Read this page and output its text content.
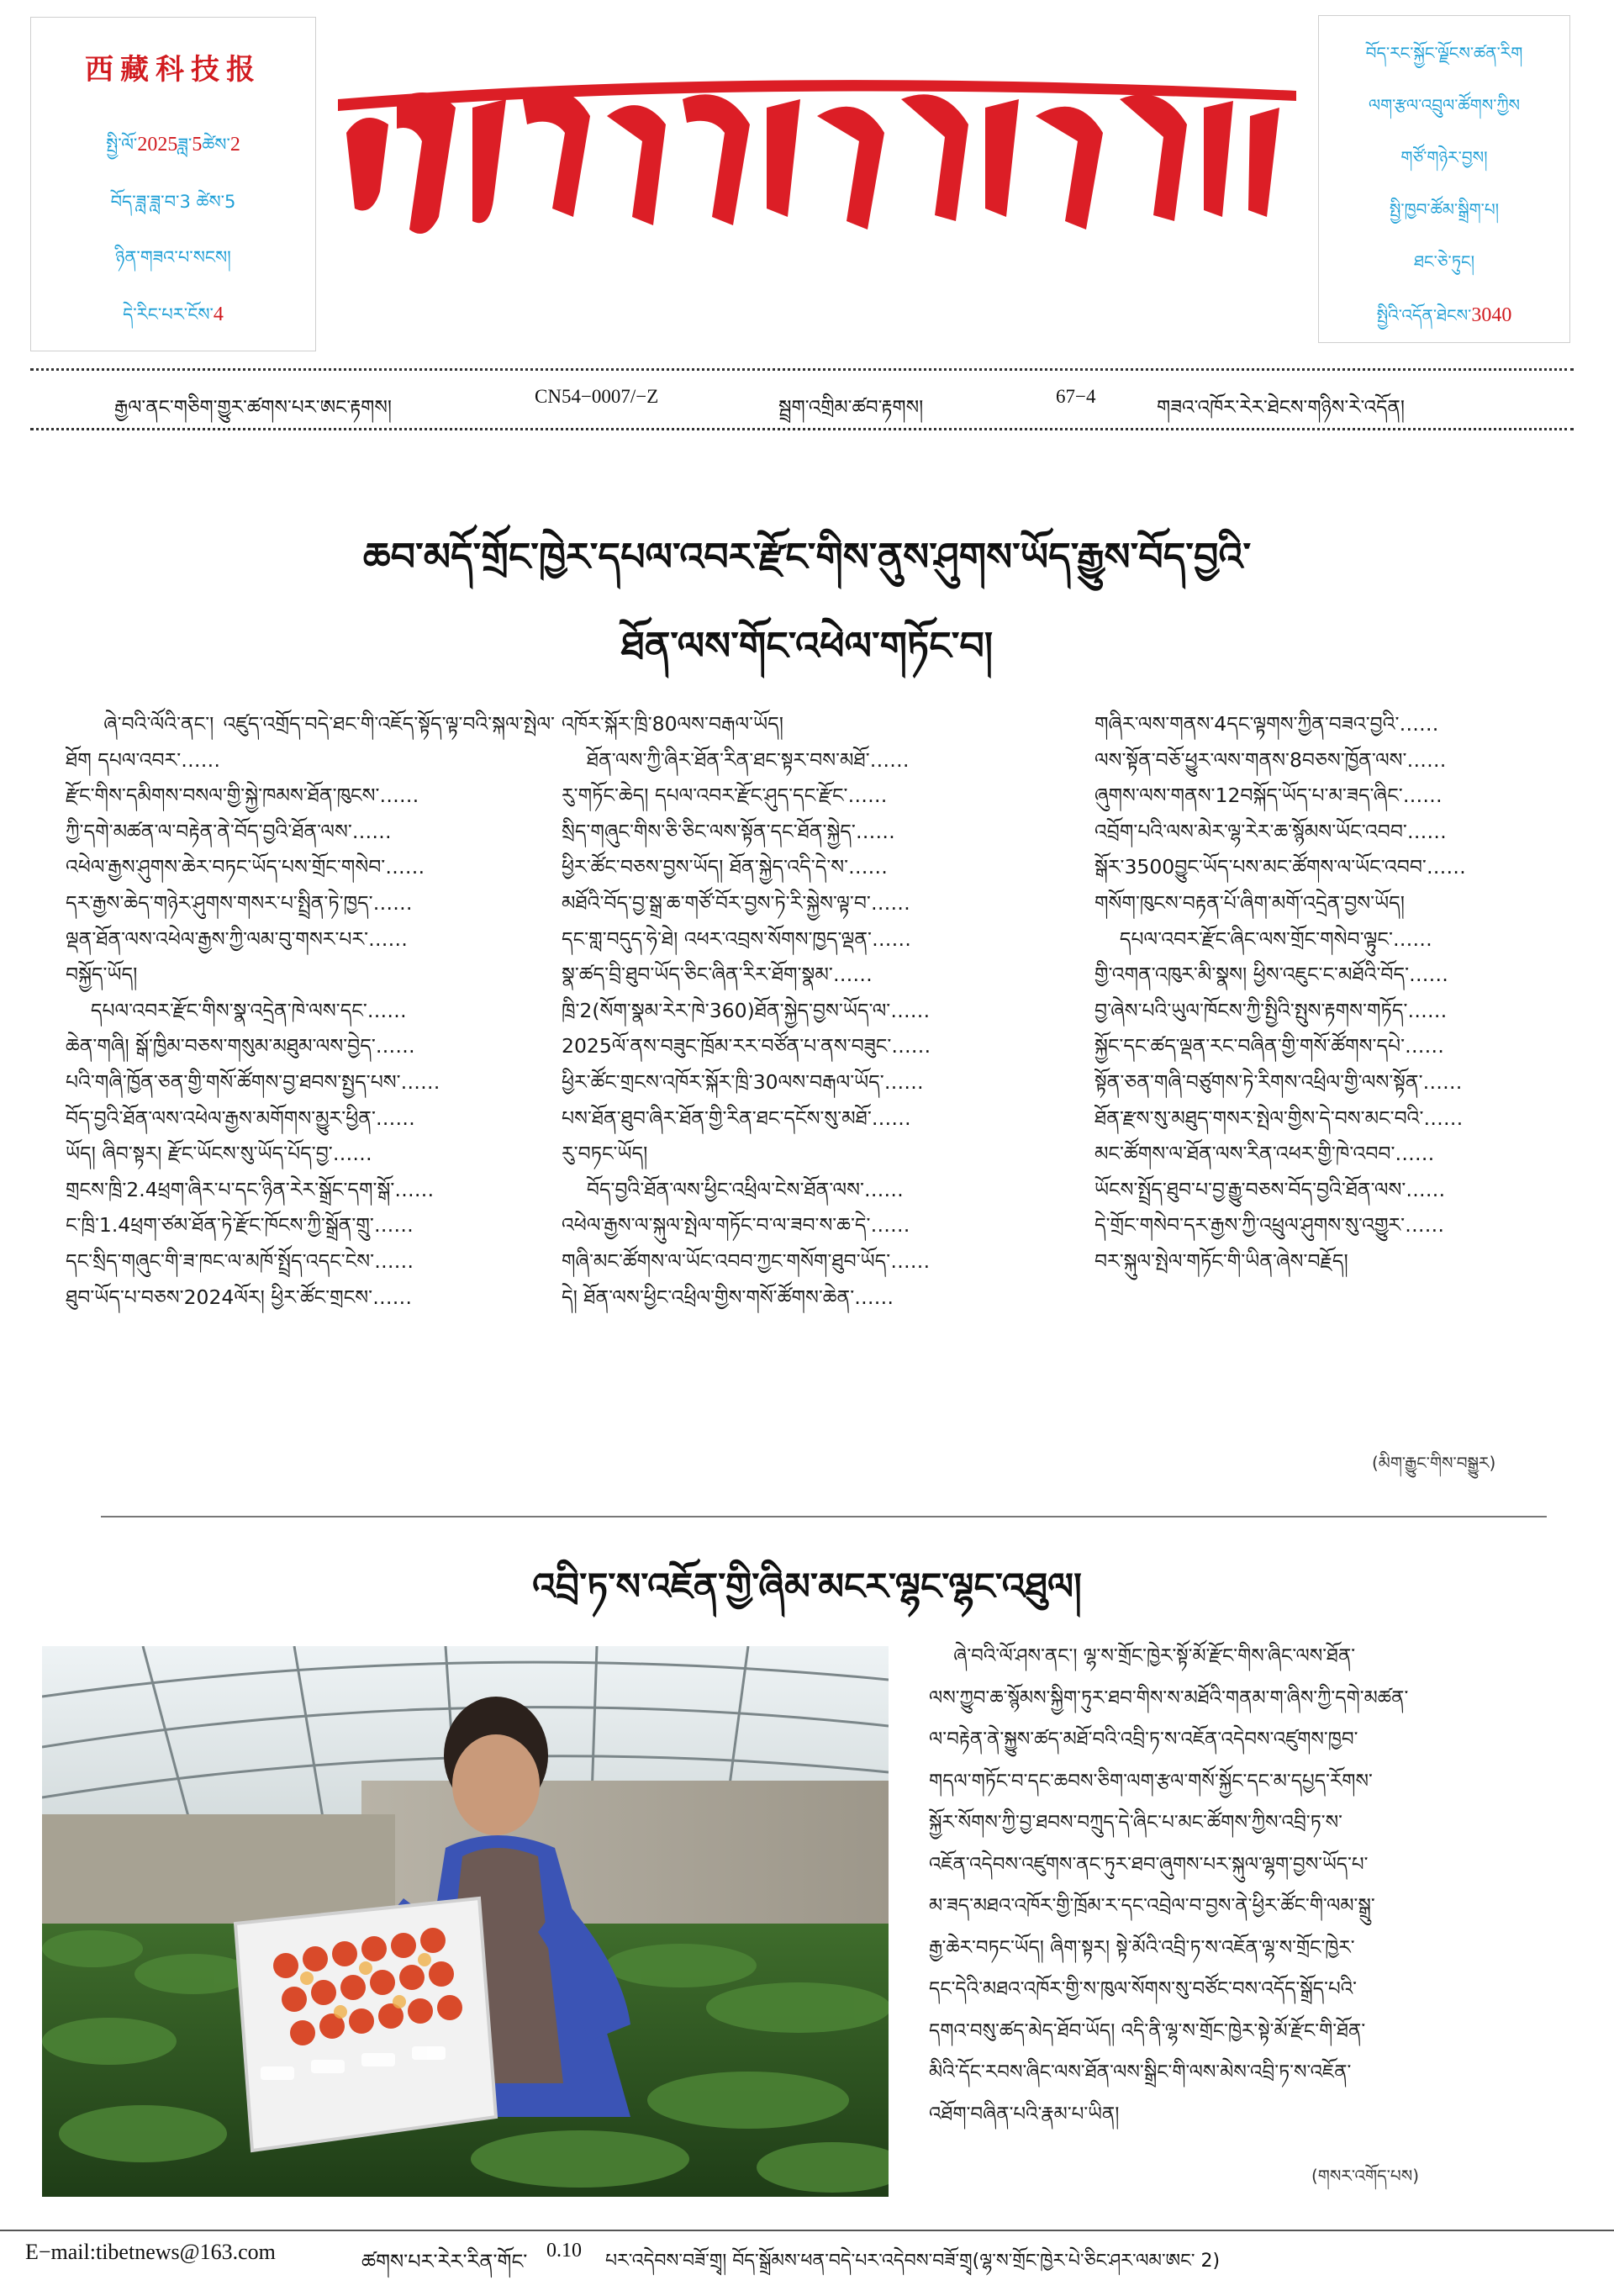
西藏科技报
སྤྱི་ལོ་2025ཟླ་5ཚེས་2
བོད་ཟླ་ཟླ་བ་3 ཚེས་5
ཉིན་གཟའ་པ་སངས།
དེ་རིང་པར་ངོས་4
བོད་རང་སྐྱོང་ལྗོངས་ཚན་རིག
ལག་རྩལ་འབྲུལ་ཚོགས་ཀྱིས
གཙོ་གཉེར་བྱས།
སྤྱི་ཁྱབ་ཚོམ་སྒྲིག་པ།
ཐང་ཅེ་ཏུང།
སྤྱིའི་འདོན་ཐེངས་3040
རྒྱལ་ནང་གཅིག་གྱུར་ཚགས་པར་ཨང་རྟགས།
CN54−0007/−Z
སྦྲག་འགྲིམ་ཚབ་རྟགས།
67−4
གཟའ་འཁོར་རེར་ཐེངས་གཉིས་རེ་འདོན།
ཆབ་མདོ་གྲོང་ཁྱེར་དཔལ་འབར་རྫོང་གིས་ནུས་ཤུགས་ཡོད་རྒྱུས་བོད་བྱའི་
ཐོན་ལས་གོང་འཕེལ་གཏོང་བ།
ཞེ་བའི་ལོའི་ནང་། འཛུད་འགྲོད་བདེ་ཐང་གི་འཇོད་སྟོད་ལྟ་བའི་སྐལ་སྤེལ་ཐོག དཔལ་འབར་……
རྫོང་གིས་དམིགས་བསལ་གྱི་སྐྱེ་ཁམས་ཐོན་ཁུངས་……
ཀྱི་དགེ་མཚན་ལ་བརྟེན་ནེ་བོད་བྱའི་ཐོན་ལས་……
འཕེལ་རྒྱས་ཤུགས་ཆེར་བཏང་ཡོད་པས་གྲོང་གསེབ་……
དར་རྒྱས་ཆེད་གཉེར་ཤུགས་གསར་པ་སྤྲིན་ཏེ་ཁྱད་……
ལྡན་ཐོན་ལས་འཕེལ་རྒྱས་ཀྱི་ལམ་བུ་གསར་པར་……
བསྐྱོད་ཡོད།
དཔལ་འབར་རྫོང་གིས་སྣ་འདྲེན་ཁེ་ལས་དང་……
ཆེན་གཞི། སྒོ་ཁྱིམ་བཅས་གསུམ་མཐུམ་ལས་བྱེད་……
པའི་གཞི་ཁྱོན་ཅན་གྱི་གསོ་ཚོགས་བྱ་ཐབས་སྤྱད་པས་……
བོད་བྱའི་ཐོན་ལས་འཕེལ་རྒྱས་མགོགས་མྱུར་ཕྱིན་……
ཡོད། ཞིབ་སྟར། རྫོང་ཡོངས་སུ་ཡོད་པོད་བྱ་……
གྲངས་ཁྲི་2.4ཕྲག་ཞིར་པ་དང་ཉིན་རེར་སྒྲོང་དག་སྒོ་……
ང་ཁྲི་1.4ཕྲག་ཙམ་ཐོན་ཏེ་རྫོང་ཁོངས་ཀྱི་སྒྲོན་གྲུ་……
དང་སྲིད་གཞུང་གི་ཟ་ཁང་ལ་མཁོ་སྤྲོད་འདང་ངེས་……
ཐུབ་ཡོད་པ་བཅས་2024ལོར། ཕྱིར་ཚོང་གྲངས་……
འཁོར་སྐོར་ཁྲི་80ལས་བརྒལ་ཡོད།
ཐོན་ལས་ཀྱི་ཞིར་ཐོན་རིན་ཐང་སྟར་བས་མཐོ་……
རུ་གཏོང་ཆེད། དཔལ་འབར་རྫོང་ཤུད་དང་རྫོང་……
སྲིད་གཞུང་གིས་ཅི་ཅིང་ལས་སྟོན་དང་ཐོན་སྐྱེད་……
ཕྱིར་ཚོང་བཅས་བྱས་ཡོད། ཐོན་སྐྱེད་འདི་དེ་ས་……
མཐོའི་བོད་བྱ་སྒྲ་ཆ་གཙོ་བོར་བྱས་ཏེ་རི་སྐྱེས་ལྟ་བ་……
དང་གླ་བདུད་ཧེ་ཐེ། འཕར་འབྲས་སོགས་ཁྱད་ལྡན་……
སྣ་ཚད་བྲི་ཐུབ་ཡོད་ཅིང་ཞིན་རིར་ཐོག་སྣམ་……
ཁྲི་2(སོག་སྣམ་རེར་ཁེ་360)ཐོན་སྐྱེད་བྱས་ཡོད་ལ་……
2025ལོ་ནས་བཟུང་ཁྲོམ་རར་བཙོན་པ་ནས་བཟུང་……
ཕྱིར་ཚོང་གྲངས་འཁོར་སྐོར་ཁྲི་30ལས་བརྒལ་ཡོད་……
པས་ཐོན་ཐུབ་ཞིར་ཐོན་གྱི་རིན་ཐང་དངོས་སུ་མཐོ་……
རུ་བཏང་ཡོད།
བོད་བྱའི་ཐོན་ལས་ཕྱིང་འཕྲིལ་ངེས་ཐོན་ལས་……
འཕེལ་རྒྱས་ལ་སྐུལ་སྤེལ་གཏོང་བ་ལ་ཟབ་ས་ཆ་དེ་……
གཞི་མང་ཚོགས་ལ་ཡོང་འབབ་ཀྱང་གསོག་ཐུབ་ཡོད་……
དེ། ཐོན་ལས་ཕྱིང་འཕྲིལ་གྱིས་གསོ་ཚོགས་ཆེན་……
གཞིར་ལས་གནས་4དང་ལྟགས་ཀྱིན་བཟའ་བྱའི་……
ལས་སྟོན་བཅོ་ཕྱུར་ལས་གནས་8བཅས་ཁྱོན་ལས་……
ཞུགས་ལས་གནས་12བསྐོད་ཡོད་པ་མ་ཟད་ཞིང་……
འབྲོག་པའི་ལས་མེར་ལྷ་རེར་ཆ་སྙོམས་ཡོང་འབབ་……
སྒོར་3500བྱུང་ཡོད་པས་མང་ཚོགས་ལ་ཡོང་འབབ་……
གསོག་ཁུངས་བརྟན་པོ་ཞིག་མགོ་འདྲེན་བྱས་ཡོད།
དཔལ་འབར་རྫོང་ཞིང་ལས་གྲོང་གསེབ་ལྟུང་……
གྱི་འགན་འཁུར་མི་སྣས། ཕྱིས་འཇུང་ང་མཐོའི་བོད་……
བྱ་ཞེས་པའི་ཡུལ་ཁོངས་ཀྱི་སྤྱིའི་སྤུས་རྟགས་གཏོད་……
སྐྱོང་དང་ཚད་ལྡན་རང་བཞིན་གྱི་གསོ་ཚོགས་དཔེ་……
སྟོན་ཅན་གཞི་བཙུགས་ཏེ་རིགས་འཕྲིལ་གྱི་ལས་སྟོན་……
ཐོན་རྫས་སུ་མཐུད་གསར་སྤེལ་གྱིས་དེ་བས་མང་བའི་……
མང་ཚོགས་ལ་ཐོན་ལས་རིན་འཕར་གྱི་ཁེ་འབབ་……
ཡོངས་སྤྲོད་ཐུབ་པ་བྱ་རྒྱུ་བཅས་བོད་བྱའི་ཐོན་ལས་……
དེ་གྲོང་གསེབ་དར་རྒྱས་ཀྱི་འཕྲུལ་ཤུགས་སུ་འགྱུར་……
བར་སྐུལ་སྤེལ་གཏོང་གི་ཡིན་ཞེས་བརྗོད།
(མིག་རྒྱུང་གིས་བསྒྱུར)
འབྲི་ཏ་ས་འཇོན་གྱི་ཞིམ་མངར་ལྷང་ལྷང་འཐུལ།
ཞེ་བའི་ལོ་ཤས་ནང་། ལྷ་ས་གྲོང་ཁྱེར་སྟོ་མོ་རྫོང་གིས་ཞིང་ལས་ཐོན་
ལས་ཀྱུབ་ཆ་སྙོམས་སྐྱིག་ཏུར་ཐབ་གིས་ས་མཐོའི་གནམ་ག་ཞིས་ཀྱི་དགེ་མཚན་
ལ་བརྟེན་ནེ་སྐྱུས་ཚད་མཐོ་བའི་འབྲི་ཏ་ས་འཇོན་འདེབས་འཛུགས་ཁྱབ་
གདལ་གཏོང་བ་དང་ཆབས་ཅིག་ལག་རྩལ་གསོ་སྐྱོང་དང་མ་དཔྱད་རོགས་
སྐྱོར་སོགས་ཀྱི་བྱ་ཐབས་བཀྲུད་དེ་ཞིང་པ་མང་ཚོགས་ཀྱིས་འབྲི་ཏ་ས་
འཇོན་འདེབས་འཛུགས་ནང་ཏུར་ཐབ་ཞུགས་པར་སྐུལ་ལྷག་བྱས་ཡོད་པ་
མ་ཟད་མཐའ་འཁོར་གྱི་ཁྲོམ་ར་དང་འབྲེལ་བ་བྱས་ནེ་ཕྱིར་ཚོང་གི་ལམ་སྒྲུ་
རྒྱ་ཆེར་བཏང་ཡོད། ཞིག་སྟར། སྟེ་མོའི་འབྲི་ཏ་ས་འཇོན་ལྷ་ས་གྲོང་ཁྱེར་
དང་དེའི་མཐའ་འཁོར་གྱི་ས་ཁུལ་སོགས་སུ་བཙོང་བས་འདོད་སྒྲོད་པའི་
དགའ་བསུ་ཚད་མེད་ཐོབ་ཡོད། འདི་ནི་ལྷ་ས་གྲོང་ཁྱེར་སྟེ་མོ་རྫོང་གི་ཐོན་
མིའི་དོང་རབས་ཞིང་ལས་ཐོན་ལས་སྒྲིང་གི་ལས་མེས་འབྲི་ཏ་ས་འཇོན་
འཐོག་བཞིན་པའི་རྣམ་པ་ཡིན།
(གསར་འགོད་པས)
E−mail:tibetnews@163.com	ཚགས་པར་རེར་རིན་གོང་ 0.10 པར་འདེབས་བཟོ་གྲྭ། བོད་སྒྲོམས་ཕན་བདེ་པར་འདེབས་བཟོ་གྲྭ(ལྷ་ས་གྲོང་ཁྱེར་པེ་ཅིང་ཤར་ལམ་ཨང་ 2)
